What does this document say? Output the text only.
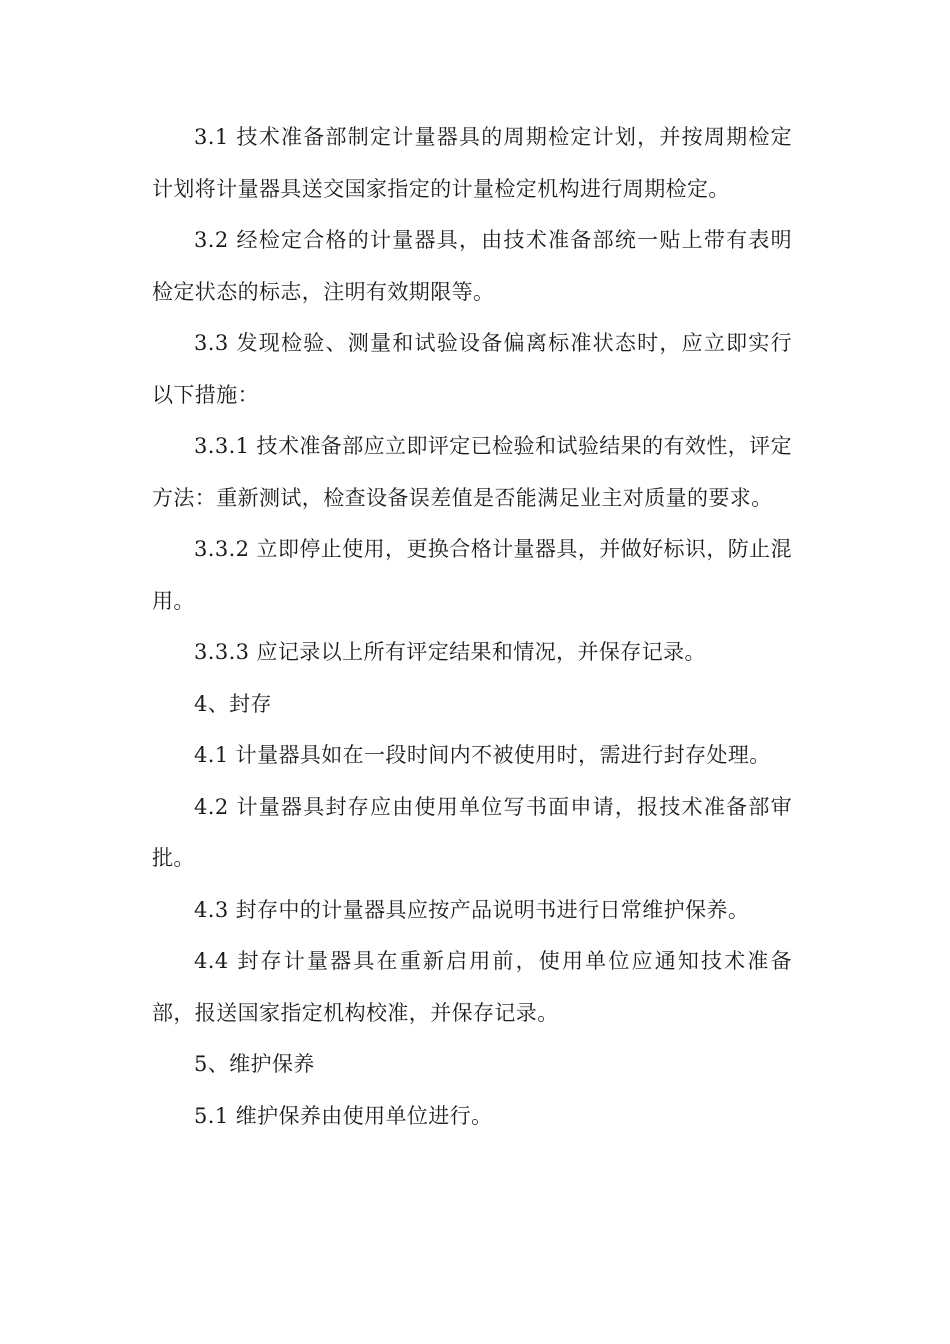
3.1 技术准备部制定计量器具的周期检定计划，并按周期检定计划将计量器具送交国家指定的计量检定机构进行周期检定。

3.2 经检定合格的计量器具，由技术准备部统一贴上带有表明检定状态的标志，注明有效期限等。

3.3 发现检验、测量和试验设备偏离标准状态时，应立即实行以下措施：

3.3.1 技术准备部应立即评定已检验和试验结果的有效性，评定方法：重新测试，检查设备误差值是否能满足业主对质量的要求。

3.3.2 立即停止使用，更换合格计量器具，并做好标识，防止混用。

3.3.3 应记录以上所有评定结果和情况，并保存记录。

4、封存

4.1 计量器具如在一段时间内不被使用时，需进行封存处理。

4.2 计量器具封存应由使用单位写书面申请，报技术准备部审批。

4.3 封存中的计量器具应按产品说明书进行日常维护保养。

4.4 封存计量器具在重新启用前，使用单位应通知技术准备部，报送国家指定机构校准，并保存记录。

5、维护保养

5.1 维护保养由使用单位进行。
